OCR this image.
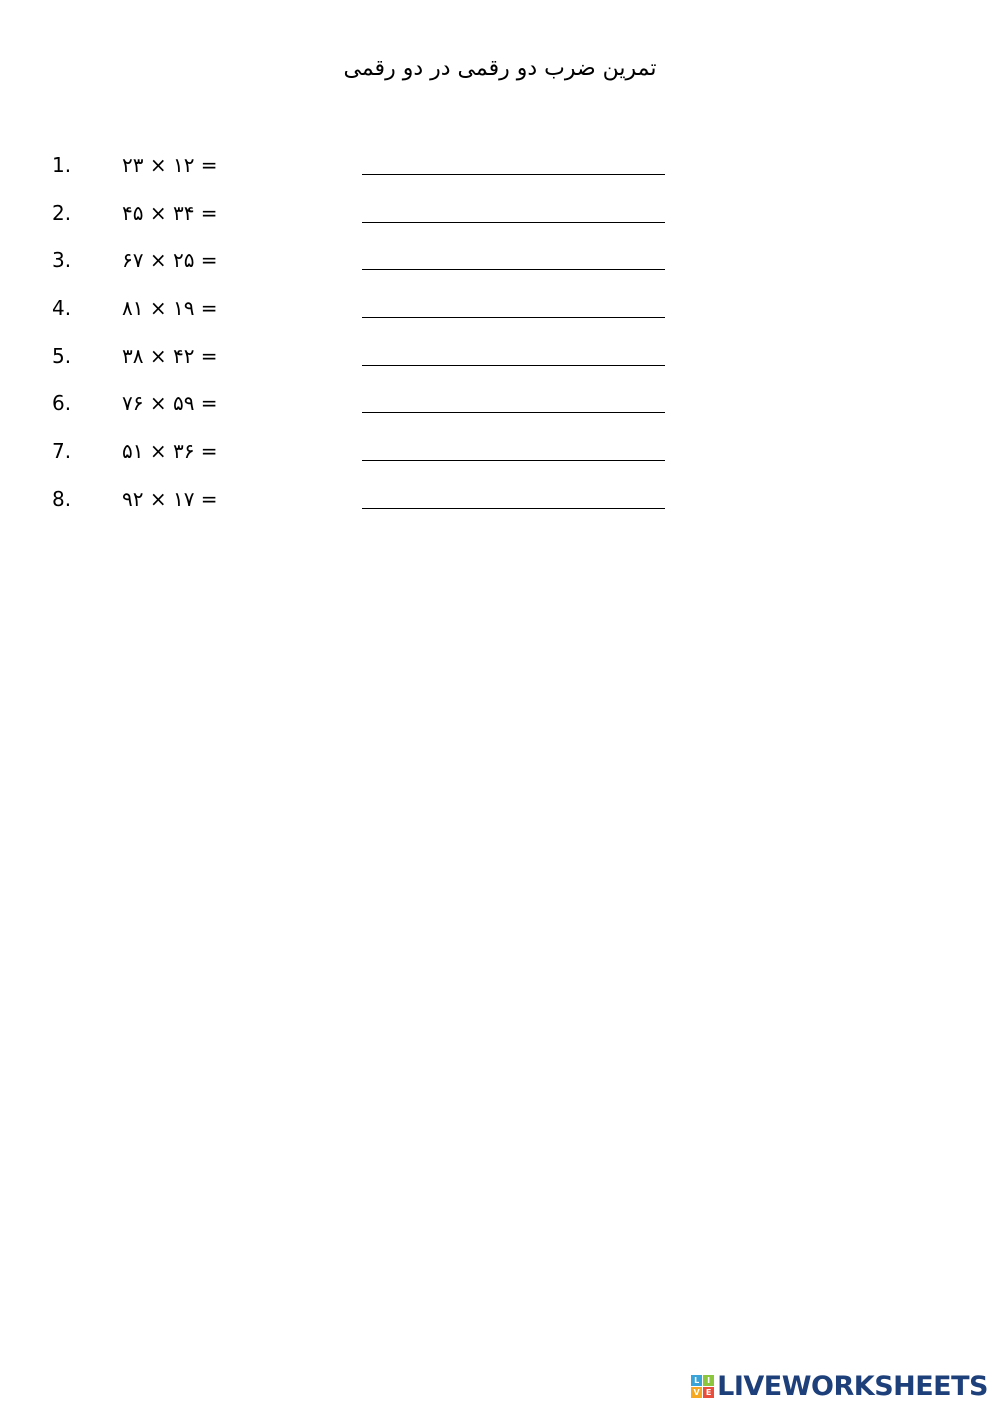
تمرین ضرب دو رقمی در دو رقمی
1.	۲۳ × ۱۲ =
2.	۴۵ × ۳۴ =
3.	۶۷ × ۲۵ =
4.	۸۱ × ۱۹ =
5.	۳۸ × ۴۲ =
6.	۷۶ × ۵۹ =
7.	۵۱ × ۳۶ =
8.	۹۲ × ۱۷ =
L I
V E LIVEWORKSHEETS
